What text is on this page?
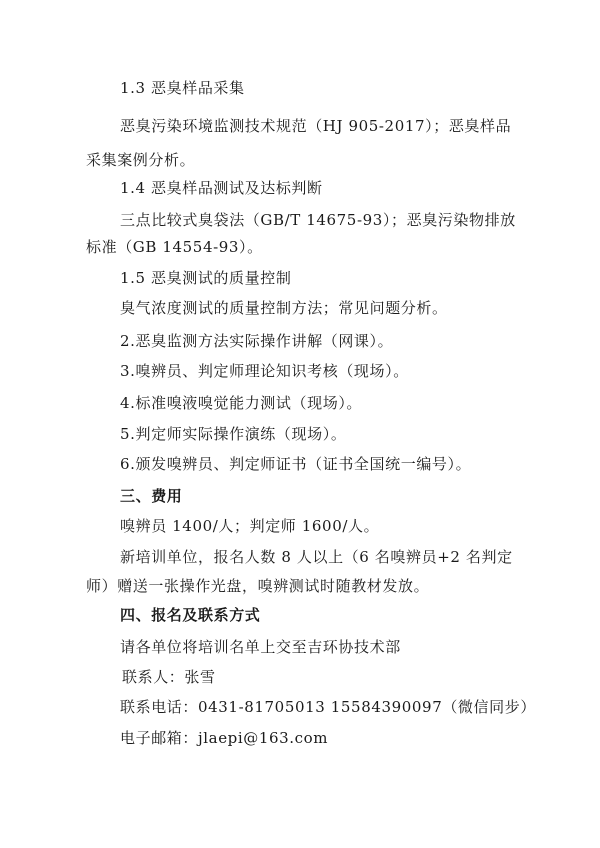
1.3 恶臭样品采集
恶臭污染环境监测技术规范（HJ 905-2017）；恶臭样品
采集案例分析。
1.4 恶臭样品测试及达标判断
三点比较式臭袋法（GB/T 14675-93）；恶臭污染物排放
标准（GB 14554-93）。
1.5 恶臭测试的质量控制
臭气浓度测试的质量控制方法；常见问题分析。
2.恶臭监测方法实际操作讲解（网课）。
3.嗅辨员、判定师理论知识考核（现场）。
4.标准嗅液嗅觉能力测试（现场）。
5.判定师实际操作演练（现场）。
6.颁发嗅辨员、判定师证书（证书全国统一编号）。
三、费用
嗅辨员 1400/人；判定师 1600/人。
新培训单位，报名人数 8 人以上（6 名嗅辨员+2 名判定
师）赠送一张操作光盘，嗅辨测试时随教材发放。
四、报名及联系方式
请各单位将培训名单上交至吉环协技术部
联系人：张雪
联系电话：0431-81705013 15584390097（微信同步）
电子邮箱：jlaepi@163.com
